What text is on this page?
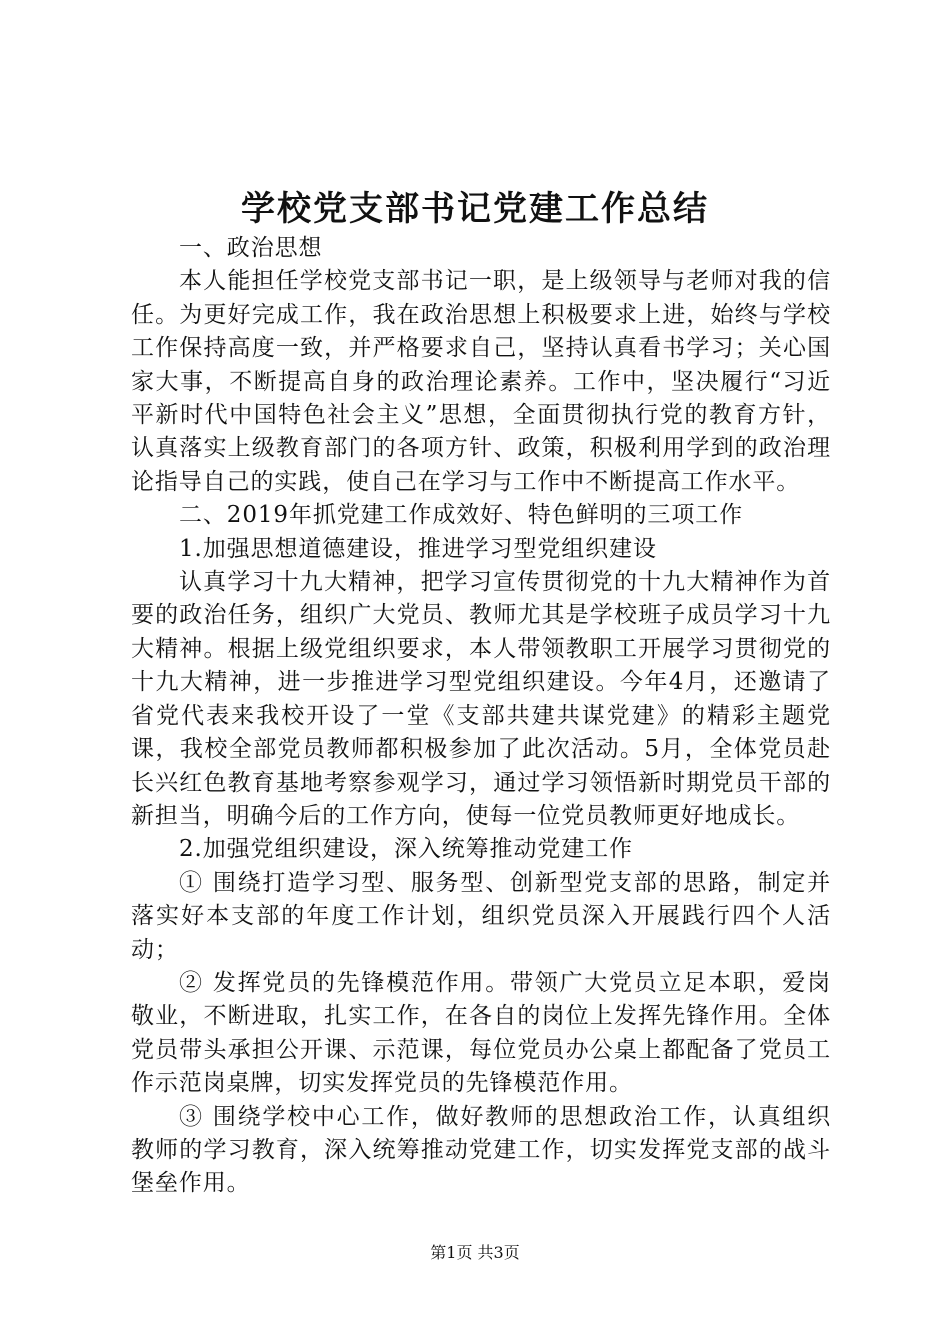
学校党支部书记党建工作总结

一、政治思想

本人能担任学校党支部书记一职，是上级领导与老师对我的信任。为更好完成工作，我在政治思想上积极要求上进，始终与学校工作保持高度一致，并严格要求自己，坚持认真看书学习；关心国家大事，不断提高自身的政治理论素养。工作中，坚决履行“习近平新时代中国特色社会主义”思想，全面贯彻执行党的教育方针，认真落实上级教育部门的各项方针、政策，积极利用学到的政治理论指导自己的实践，使自己在学习与工作中不断提高工作水平。

二、2019年抓党建工作成效好、特色鲜明的三项工作

1.加强思想道德建设，推进学习型党组织建设

认真学习十九大精神，把学习宣传贯彻党的十九大精神作为首要的政治任务，组织广大党员、教师尤其是学校班子成员学习十九大精神。根据上级党组织要求，本人带领教职工开展学习贯彻党的十九大精神，进一步推进学习型党组织建设。今年4月，还邀请了省党代表来我校开设了一堂《支部共建共谋党建》的精彩主题党课，我校全部党员教师都积极参加了此次活动。5月，全体党员赴长兴红色教育基地考察参观学习，通过学习领悟新时期党员干部的新担当，明确今后的工作方向，使每一位党员教师更好地成长。

2.加强党组织建设，深入统筹推动党建工作

① 围绕打造学习型、服务型、创新型党支部的思路，制定并落实好本支部的年度工作计划，组织党员深入开展践行四个人活动；

② 发挥党员的先锋模范作用。带领广大党员立足本职，爱岗敬业，不断进取，扎实工作，在各自的岗位上发挥先锋作用。全体党员带头承担公开课、示范课，每位党员办公桌上都配备了党员工作示范岗桌牌，切实发挥党员的先锋模范作用。

③ 围绕学校中心工作，做好教师的思想政治工作，认真组织教师的学习教育，深入统筹推动党建工作，切实发挥党支部的战斗堡垒作用。

第1页 共3页
